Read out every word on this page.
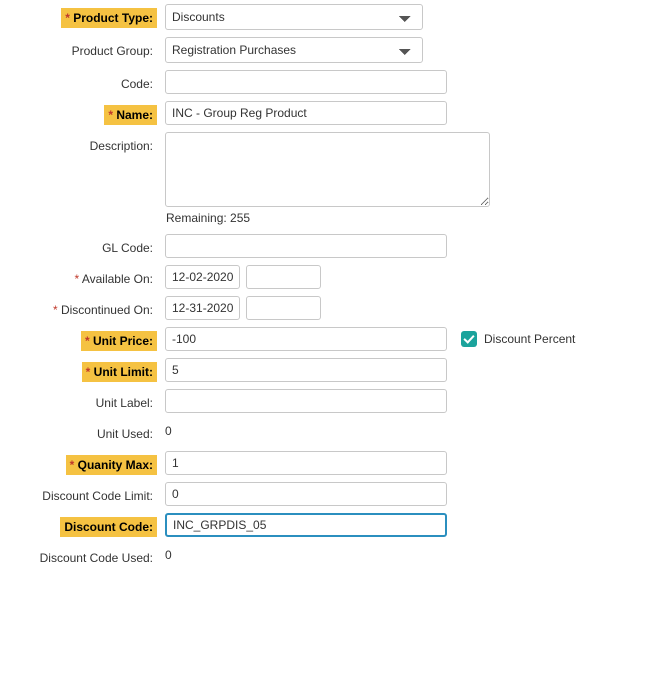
* Product Type:
Discounts
Product Group:
Registration Purchases
Code:
* Name:
INC - Group Reg Product
Description:
Remaining: 255
GL Code:
* Available On:
12-02-2020
* Discontinued On:
12-31-2020
* Unit Price:
-100	Discount Percent
* Unit Limit:
5
Unit Label:
Unit Used:	0
* Quanity Max:
1
Discount Code Limit:
0
Discount Code:
INC_GRPDIS_05
Discount Code Used:	0
